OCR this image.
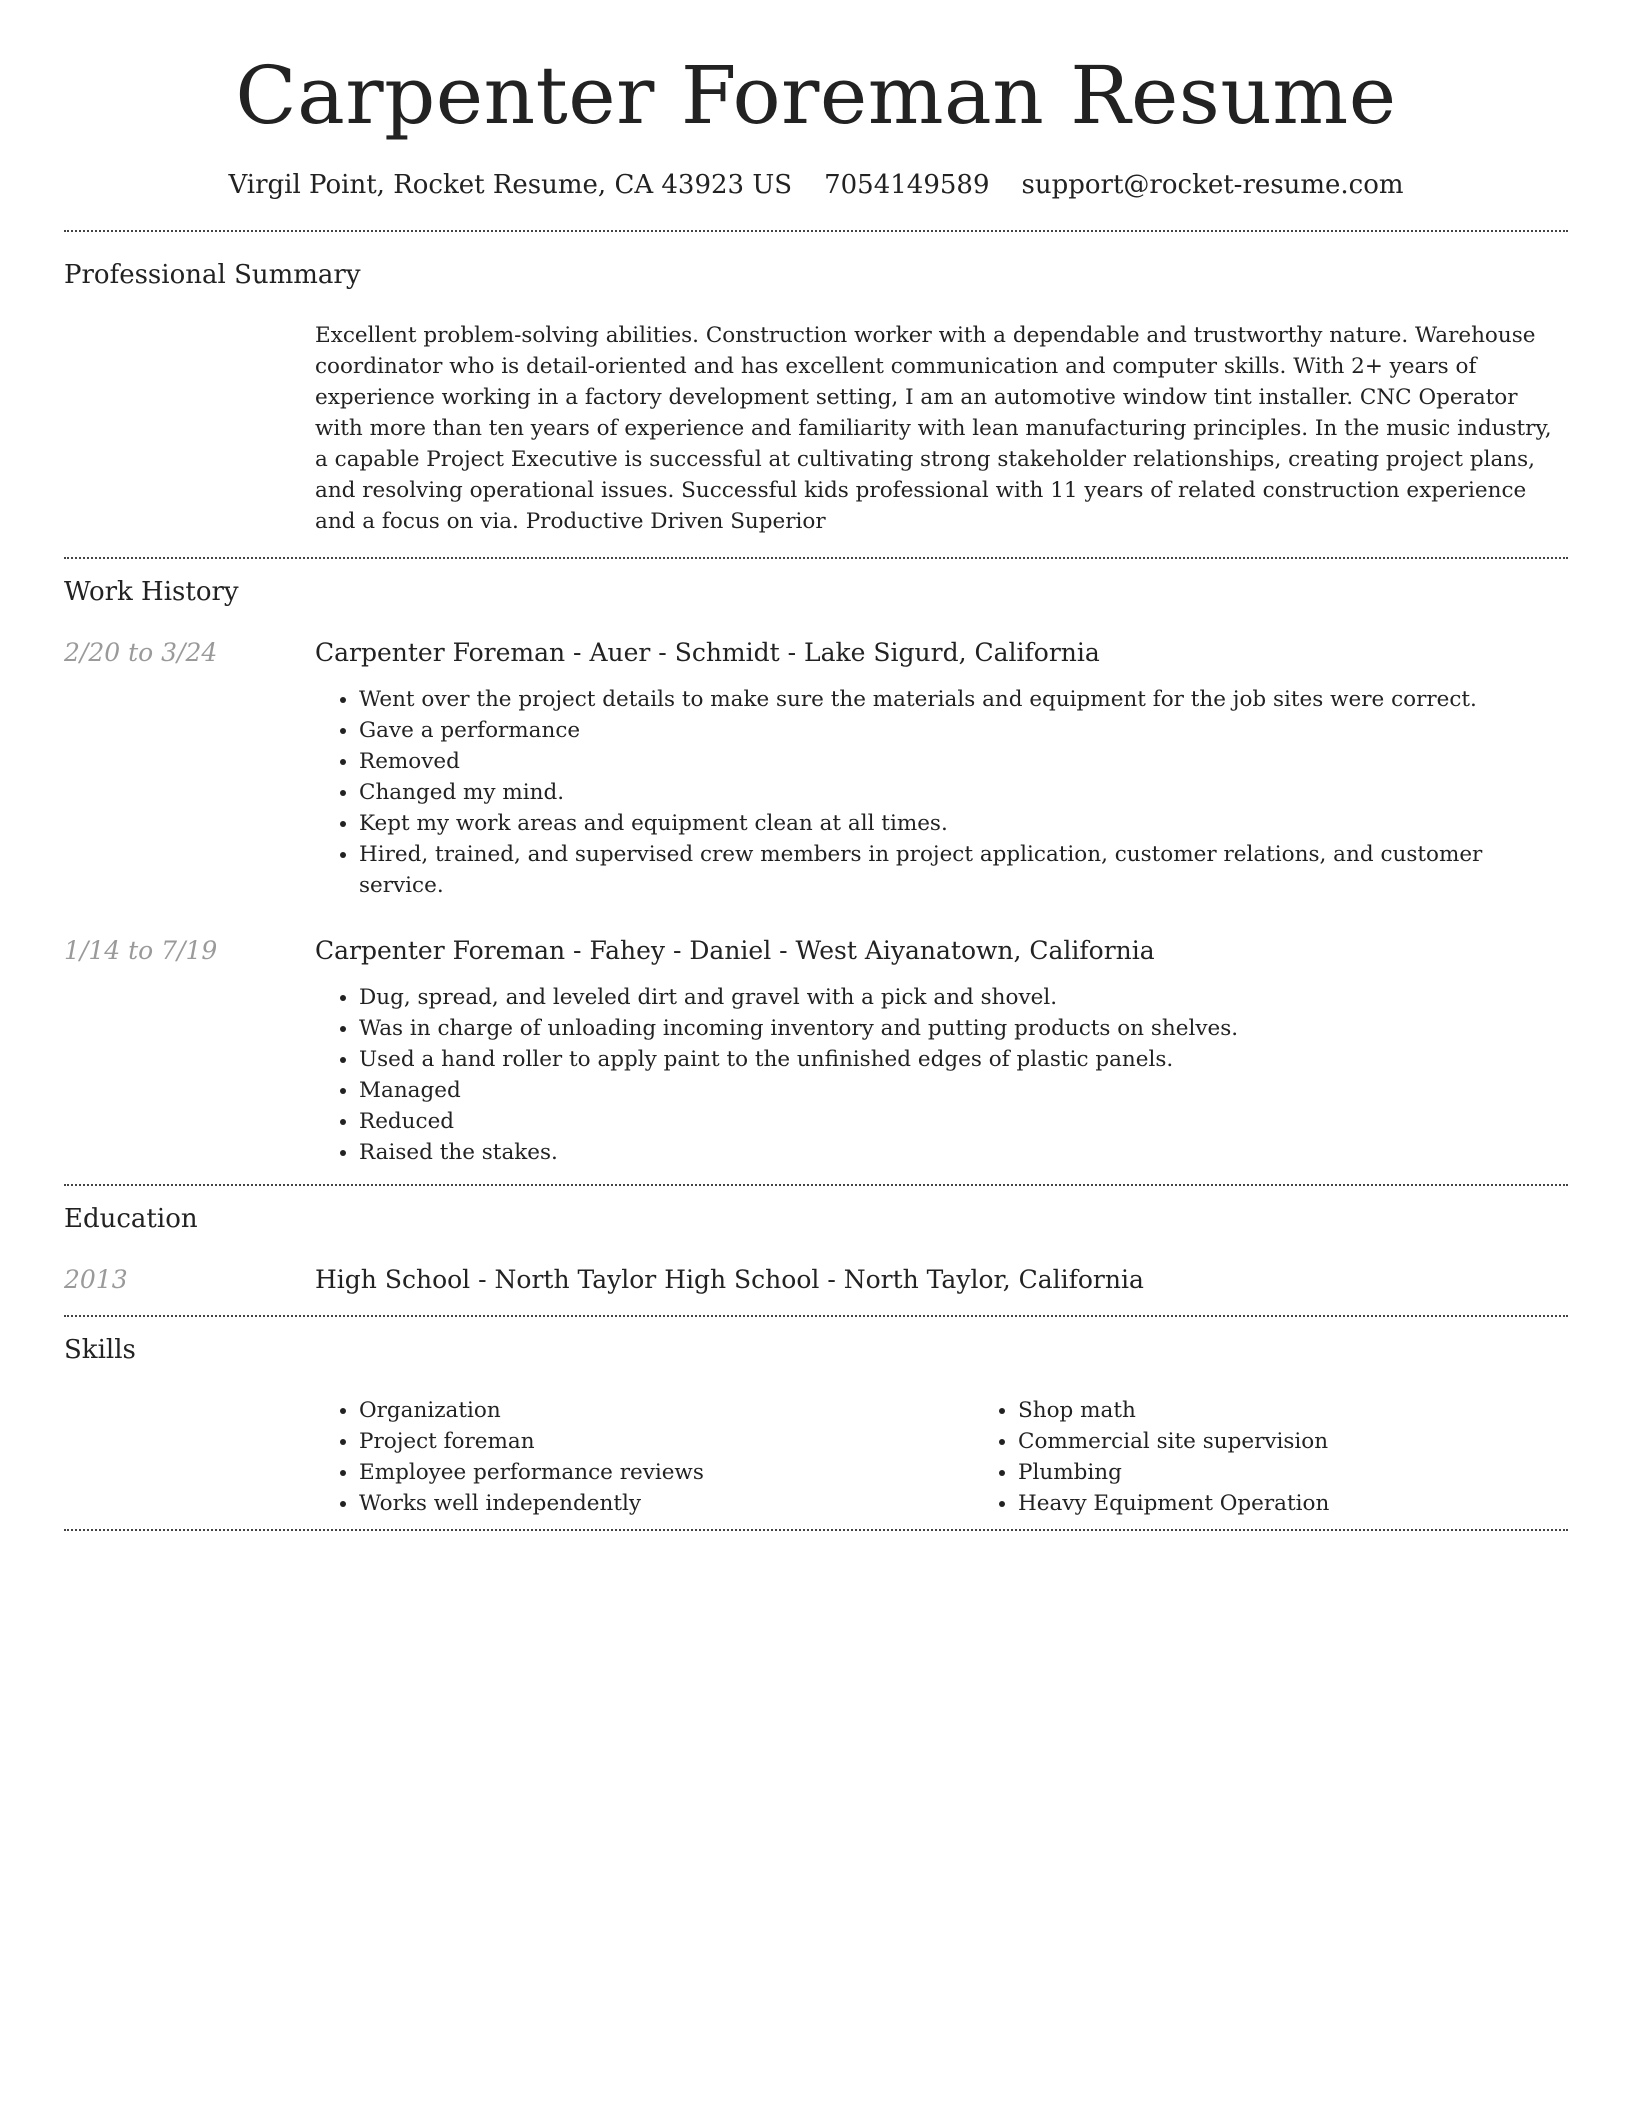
Carpenter Foreman Resume
Virgil Point, Rocket Resume, CA 43923 US 7054149589 support@rocket-resume.com
Professional Summary
Excellent problem-solving abilities. Construction worker with a dependable and trustworthy nature. Warehouse coordinator who is detail-oriented and has excellent communication and computer skills. With 2+ years of experience working in a factory development setting, I am an automotive window tint installer. CNC Operator with more than ten years of experience and familiarity with lean manufacturing principles. In the music industry, a capable Project Executive is successful at cultivating strong stakeholder relationships, creating project plans, and resolving operational issues. Successful kids professional with 11 years of related construction experience and a focus on via. Productive Driven Superior
Work History
2/20 to 3/24	Carpenter Foreman - Auer - Schmidt - Lake Sigurd, California
• Went over the project details to make sure the materials and equipment for the job sites were correct.
• Gave a performance
• Removed
• Changed my mind.
• Kept my work areas and equipment clean at all times.
• Hired, trained, and supervised crew members in project application, customer relations, and customer service.
1/14 to 7/19	Carpenter Foreman - Fahey - Daniel - West Aiyanatown, California
• Dug, spread, and leveled dirt and gravel with a pick and shovel.
• Was in charge of unloading incoming inventory and putting products on shelves.
• Used a hand roller to apply paint to the unfinished edges of plastic panels.
• Managed
• Reduced
• Raised the stakes.
Education
2013	High School - North Taylor High School - North Taylor, California
Skills
• Organization
• Project foreman
• Employee performance reviews
• Works well independently
• Shop math
• Commercial site supervision
• Plumbing
• Heavy Equipment Operation
